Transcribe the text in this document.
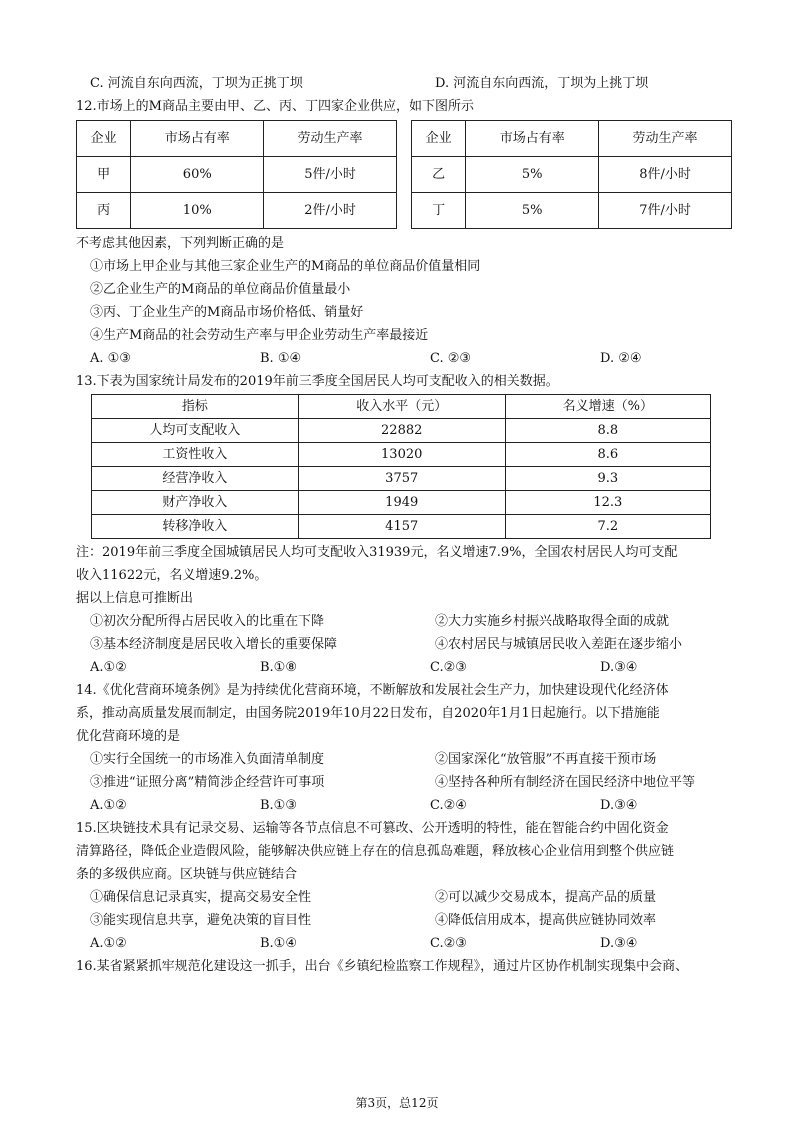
C. 河流自东向西流，丁坝为正挑丁坝	D. 河流自东向西流，丁坝为上挑丁坝
12.市场上的M商品主要由甲、乙、丙、丁四家企业供应，如下图所示
企业	市场占有率	劳动生产率		企业	市场占有率	劳动生产率
甲	60%	5件/小时		乙	5%	8件/小时
丙	10%	2件/小时		丁	5%	7件/小时
不考虑其他因素，下列判断正确的是
①市场上甲企业与其他三家企业生产的M商品的单位商品价值量相同
②乙企业生产的M商品的单位商品价值量最小
③丙、丁企业生产的M商品市场价格低、销量好
④生产M商品的社会劳动生产率与甲企业劳动生产率最接近
A. ①③	B. ①④	C. ②③	D. ②④
13.下表为国家统计局发布的2019年前三季度全国居民人均可支配收入的相关数据。
指标	收入水平（元）	名义增速（%）
人均可支配收入	22882	8.8
工资性收入	13020	8.6
经营净收入	3757	9.3
财产净收入	1949	12.3
转移净收入	4157	7.2
注：2019年前三季度全国城镇居民人均可支配收入31939元，名义增速7.9%，全国农村居民人均可支配
收入11622元，名义增速9.2%。
据以上信息可推断出
①初次分配所得占居民收入的比重在下降	②大力实施乡村振兴战略取得全面的成就
③基本经济制度是居民收入增长的重要保障	④农村居民与城镇居民收入差距在逐步缩小
A.①②	B.①⑧	C.②③	D.③④
14.《优化营商环境条例》是为持续优化营商环境，不断解放和发展社会生产力，加快建设现代化经济体
系，推动高质量发展而制定，由国务院2019年10月22日发布，自2020年1月1日起施行。以下措施能
优化营商环境的是
①实行全国统一的市场准入负面清单制度	②国家深化“放管服”不再直接干预市场
③推进“证照分离”精简涉企经营许可事项	④坚持各种所有制经济在国民经济中地位平等
A.①②	B.①③	C.②④	D.③④
15.区块链技术具有记录交易、运输等各节点信息不可篡改、公开透明的特性，能在智能合约中固化资金
清算路径，降低企业造假风险，能够解决供应链上存在的信息孤岛难题，释放核心企业信用到整个供应链
条的多级供应商。区块链与供应链结合
①确保信息记录真实，提高交易安全性	②可以减少交易成本，提高产品的质量
③能实现信息共享，避免决策的盲目性	④降低信用成本，提高供应链协同效率
A.①②	B.①④	C.②③	D.③④
16.某省紧紧抓牢规范化建设这一抓手，出台《乡镇纪检监察工作规程》，通过片区协作机制实现集中会商、
第3页，总12页
